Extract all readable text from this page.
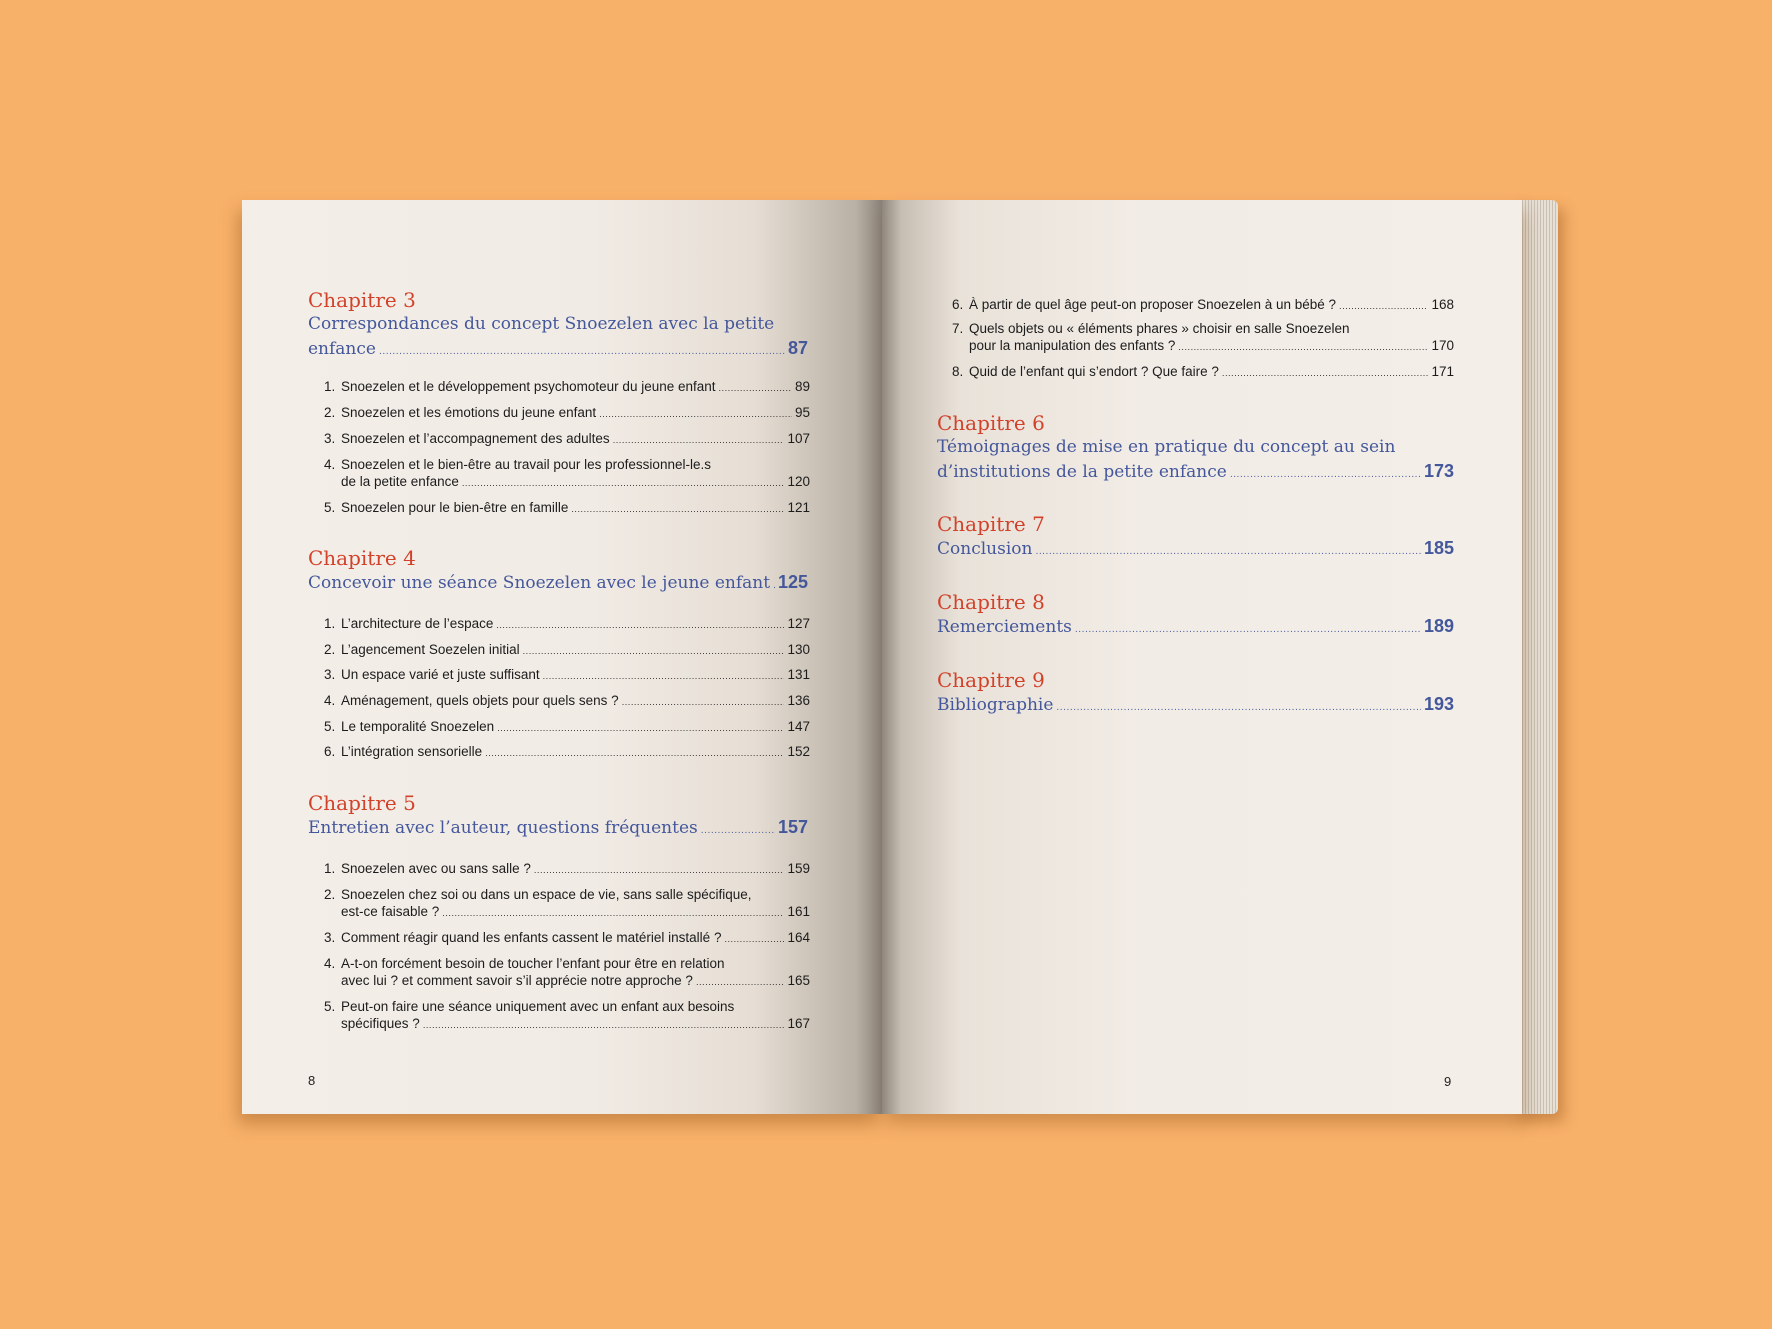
Chapitre 3
Correspondances du concept Snoezelen avec la petite
enfance .....	87
1. Snoezelen et le développement psychomoteur du jeune enfant .....	89
2. Snoezelen et les émotions du jeune enfant .....	95
3. Snoezelen et l’accompagnement des adultes .....	107
4. Snoezelen et le bien-être au travail pour les professionnel-le.s
de la petite enfance .....	120
5. Snoezelen pour le bien-être en famille .....	121
Chapitre 4
Concevoir une séance Snoezelen avec le jeune enfant ..... 125
1. L’architecture de l’espace .....	127
2. L’agencement Soezelen initial .....	130
3. Un espace varié et juste suffisant .....	131
4. Aménagement, quels objets pour quels sens ? .....	136
5. Le temporalité Snoezelen .....	147
6. L’intégration sensorielle .....	152
Chapitre 5
Entretien avec l’auteur, questions fréquentes .....	157
1. Snoezelen avec ou sans salle ? .....	159
2. Snoezelen chez soi ou dans un espace de vie, sans salle spécifique,
est-ce faisable ? .....	161
3. Comment réagir quand les enfants cassent le matériel installé ? .....	164
4. A-t-on forcément besoin de toucher l’enfant pour être en relation
avec lui ? et comment savoir s’il apprécie notre approche ? .....	165
5. Peut-on faire une séance uniquement avec un enfant aux besoins
spécifiques ? .....	167
8
6. À partir de quel âge peut-on proposer Snoezelen à un bébé ? .....	168
7. Quels objets ou « éléments phares » choisir en salle Snoezelen
pour la manipulation des enfants ? .....	170
8. Quid de l’enfant qui s’endort ? Que faire ? .....	171
Chapitre 6
Témoignages de mise en pratique du concept au sein
d’institutions de la petite enfance .....	173
Chapitre 7
Conclusion .....	185
Chapitre 8
Remerciements .....	189
Chapitre 9
Bibliographie .....	193
9
